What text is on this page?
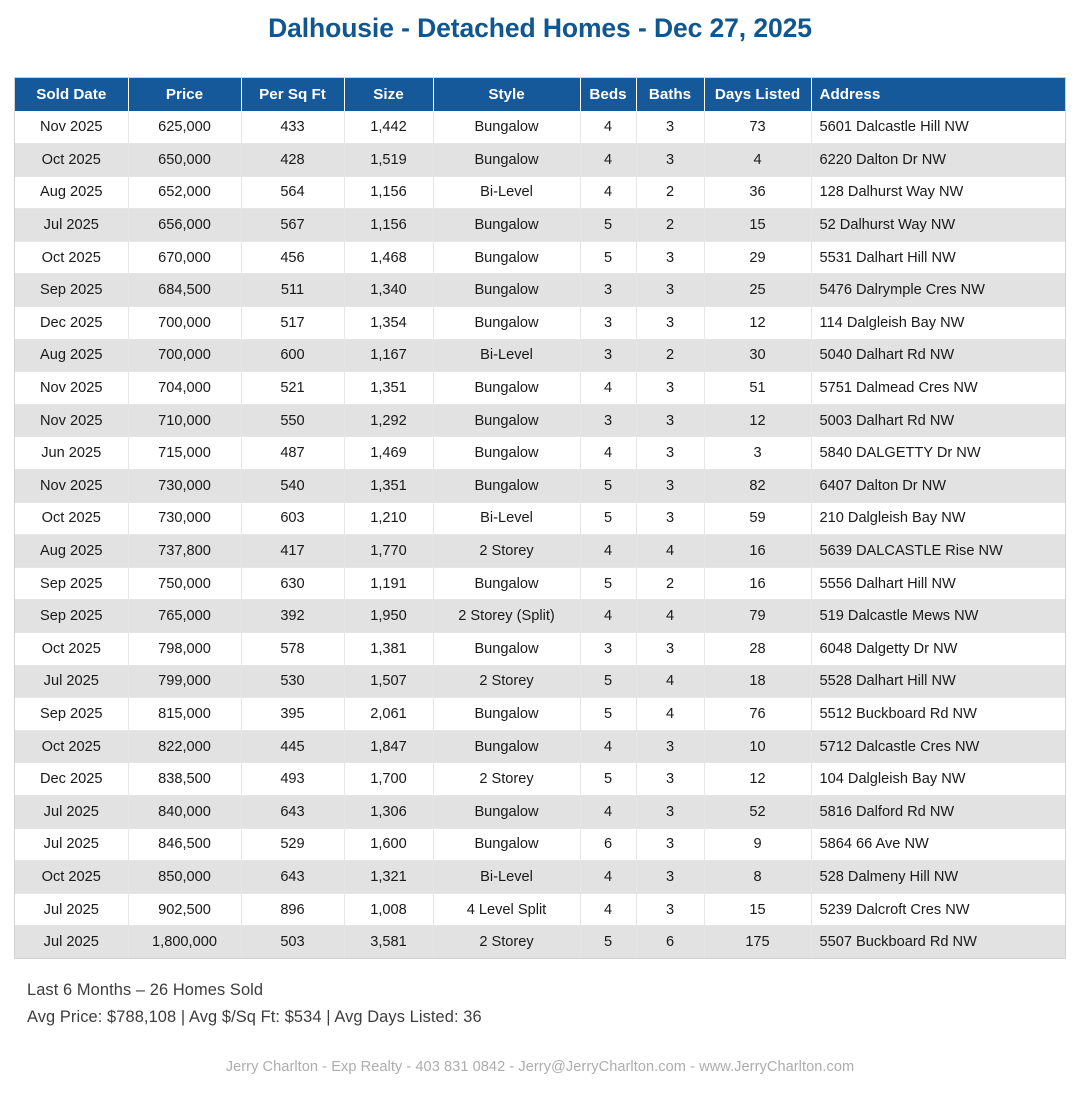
Dalhousie - Detached Homes - Dec 27, 2025
Sold Date	Price	Per Sq Ft	Size	Style	Beds	Baths	Days Listed	Address
Nov 2025	625,000	433	1,442	Bungalow	4	3	73	5601 Dalcastle Hill NW
Oct 2025	650,000	428	1,519	Bungalow	4	3	4	6220 Dalton Dr NW
Aug 2025	652,000	564	1,156	Bi-Level	4	2	36	128 Dalhurst Way NW
Jul 2025	656,000	567	1,156	Bungalow	5	2	15	52 Dalhurst Way NW
Oct 2025	670,000	456	1,468	Bungalow	5	3	29	5531 Dalhart Hill NW
Sep 2025	684,500	511	1,340	Bungalow	3	3	25	5476 Dalrymple Cres NW
Dec 2025	700,000	517	1,354	Bungalow	3	3	12	114 Dalgleish Bay NW
Aug 2025	700,000	600	1,167	Bi-Level	3	2	30	5040 Dalhart Rd NW
Nov 2025	704,000	521	1,351	Bungalow	4	3	51	5751 Dalmead Cres NW
Nov 2025	710,000	550	1,292	Bungalow	3	3	12	5003 Dalhart Rd NW
Jun 2025	715,000	487	1,469	Bungalow	4	3	3	5840 DALGETTY Dr NW
Nov 2025	730,000	540	1,351	Bungalow	5	3	82	6407 Dalton Dr NW
Oct 2025	730,000	603	1,210	Bi-Level	5	3	59	210 Dalgleish Bay NW
Aug 2025	737,800	417	1,770	2 Storey	4	4	16	5639 DALCASTLE Rise NW
Sep 2025	750,000	630	1,191	Bungalow	5	2	16	5556 Dalhart Hill NW
Sep 2025	765,000	392	1,950	2 Storey (Split)	4	4	79	519 Dalcastle Mews NW
Oct 2025	798,000	578	1,381	Bungalow	3	3	28	6048 Dalgetty Dr NW
Jul 2025	799,000	530	1,507	2 Storey	5	4	18	5528 Dalhart Hill NW
Sep 2025	815,000	395	2,061	Bungalow	5	4	76	5512 Buckboard Rd NW
Oct 2025	822,000	445	1,847	Bungalow	4	3	10	5712 Dalcastle Cres NW
Dec 2025	838,500	493	1,700	2 Storey	5	3	12	104 Dalgleish Bay NW
Jul 2025	840,000	643	1,306	Bungalow	4	3	52	5816 Dalford Rd NW
Jul 2025	846,500	529	1,600	Bungalow	6	3	9	5864 66 Ave NW
Oct 2025	850,000	643	1,321	Bi-Level	4	3	8	528 Dalmeny Hill NW
Jul 2025	902,500	896	1,008	4 Level Split	4	3	15	5239 Dalcroft Cres NW
Jul 2025	1,800,000	503	3,581	2 Storey	5	6	175	5507 Buckboard Rd NW
Last 6 Months – 26 Homes Sold
Avg Price: $788,108 | Avg $/Sq Ft: $534 | Avg Days Listed: 36
Jerry Charlton - Exp Realty - 403 831 0842 - Jerry@JerryCharlton.com - www.JerryCharlton.com
